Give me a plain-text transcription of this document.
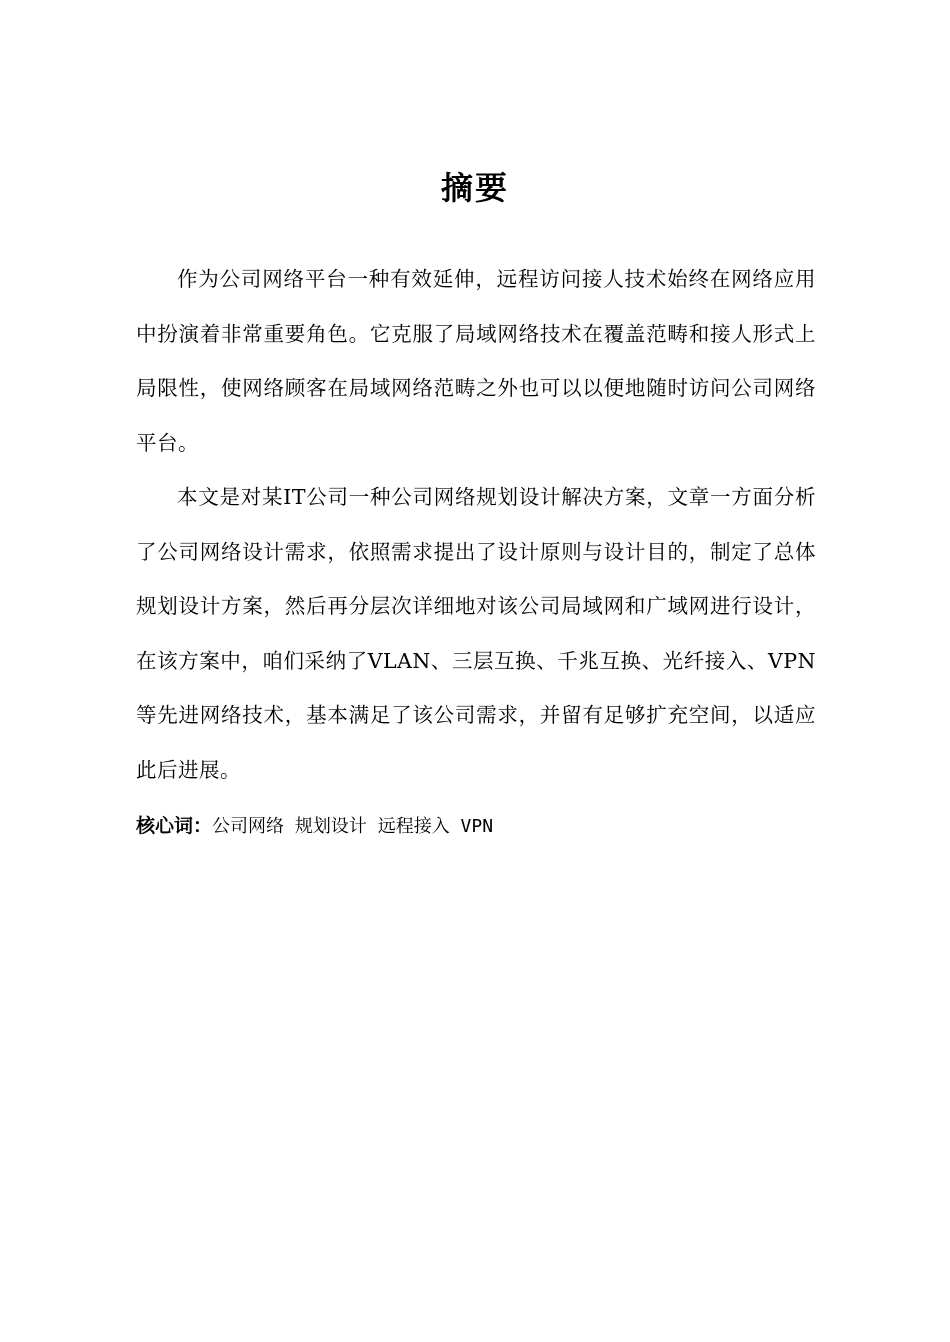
摘要

作为公司网络平台一种有效延伸，远程访问接人技术始终在网络应用中扮演着非常重要角色。它克服了局域网络技术在覆盖范畴和接人形式上局限性，使网络顾客在局域网络范畴之外也可以以便地随时访问公司网络平台。

本文是对某IT公司一种公司网络规划设计解决方案，文章一方面分析了公司网络设计需求，依照需求提出了设计原则与设计目的，制定了总体规划设计方案，然后再分层次详细地对该公司局域网和广域网进行设计，在该方案中，咱们采纳了VLAN、三层互换、千兆互换、光纤接入、VPN等先进网络技术，基本满足了该公司需求，并留有足够扩充空间，以适应此后进展。

核心词：公司网络 规划设计 远程接入 VPN
